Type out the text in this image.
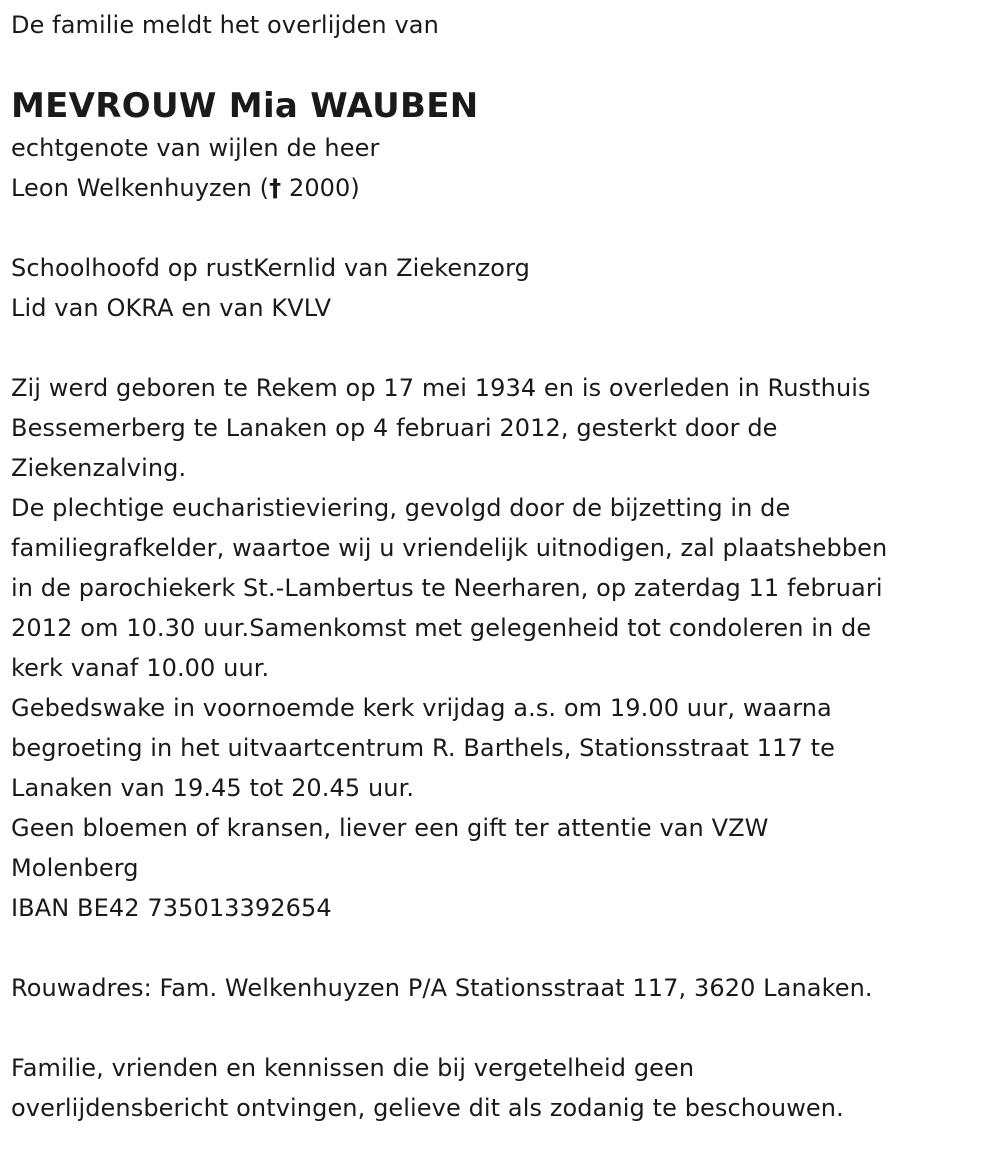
De familie meldt het overlijden van
MEVROUW Mia WAUBEN
echtgenote van wijlen de heer
Leon Welkenhuyzen († 2000)
Schoolhoofd op rustKernlid van Ziekenzorg
Lid van OKRA en van KVLV
Zij werd geboren te Rekem op 17 mei 1934 en is overleden in Rusthuis
Bessemerberg te Lanaken op 4 februari 2012, gesterkt door de
Ziekenzalving.
De plechtige eucharistieviering, gevolgd door de bijzetting in de
familiegrafkelder, waartoe wij u vriendelijk uitnodigen, zal plaatshebben
in de parochiekerk St.-Lambertus te Neerharen, op zaterdag 11 februari
2012 om 10.30 uur.Samenkomst met gelegenheid tot condoleren in de
kerk vanaf 10.00 uur.
Gebedswake in voornoemde kerk vrijdag a.s. om 19.00 uur, waarna
begroeting in het uitvaartcentrum R. Barthels, Stationsstraat 117 te
Lanaken van 19.45 tot 20.45 uur.
Geen bloemen of kransen, liever een gift ter attentie van VZW
Molenberg
IBAN BE42 735013392654
Rouwadres: Fam. Welkenhuyzen P/A Stationsstraat 117, 3620 Lanaken.
Familie, vrienden en kennissen die bij vergetelheid geen
overlijdensbericht ontvingen, gelieve dit als zodanig te beschouwen.
